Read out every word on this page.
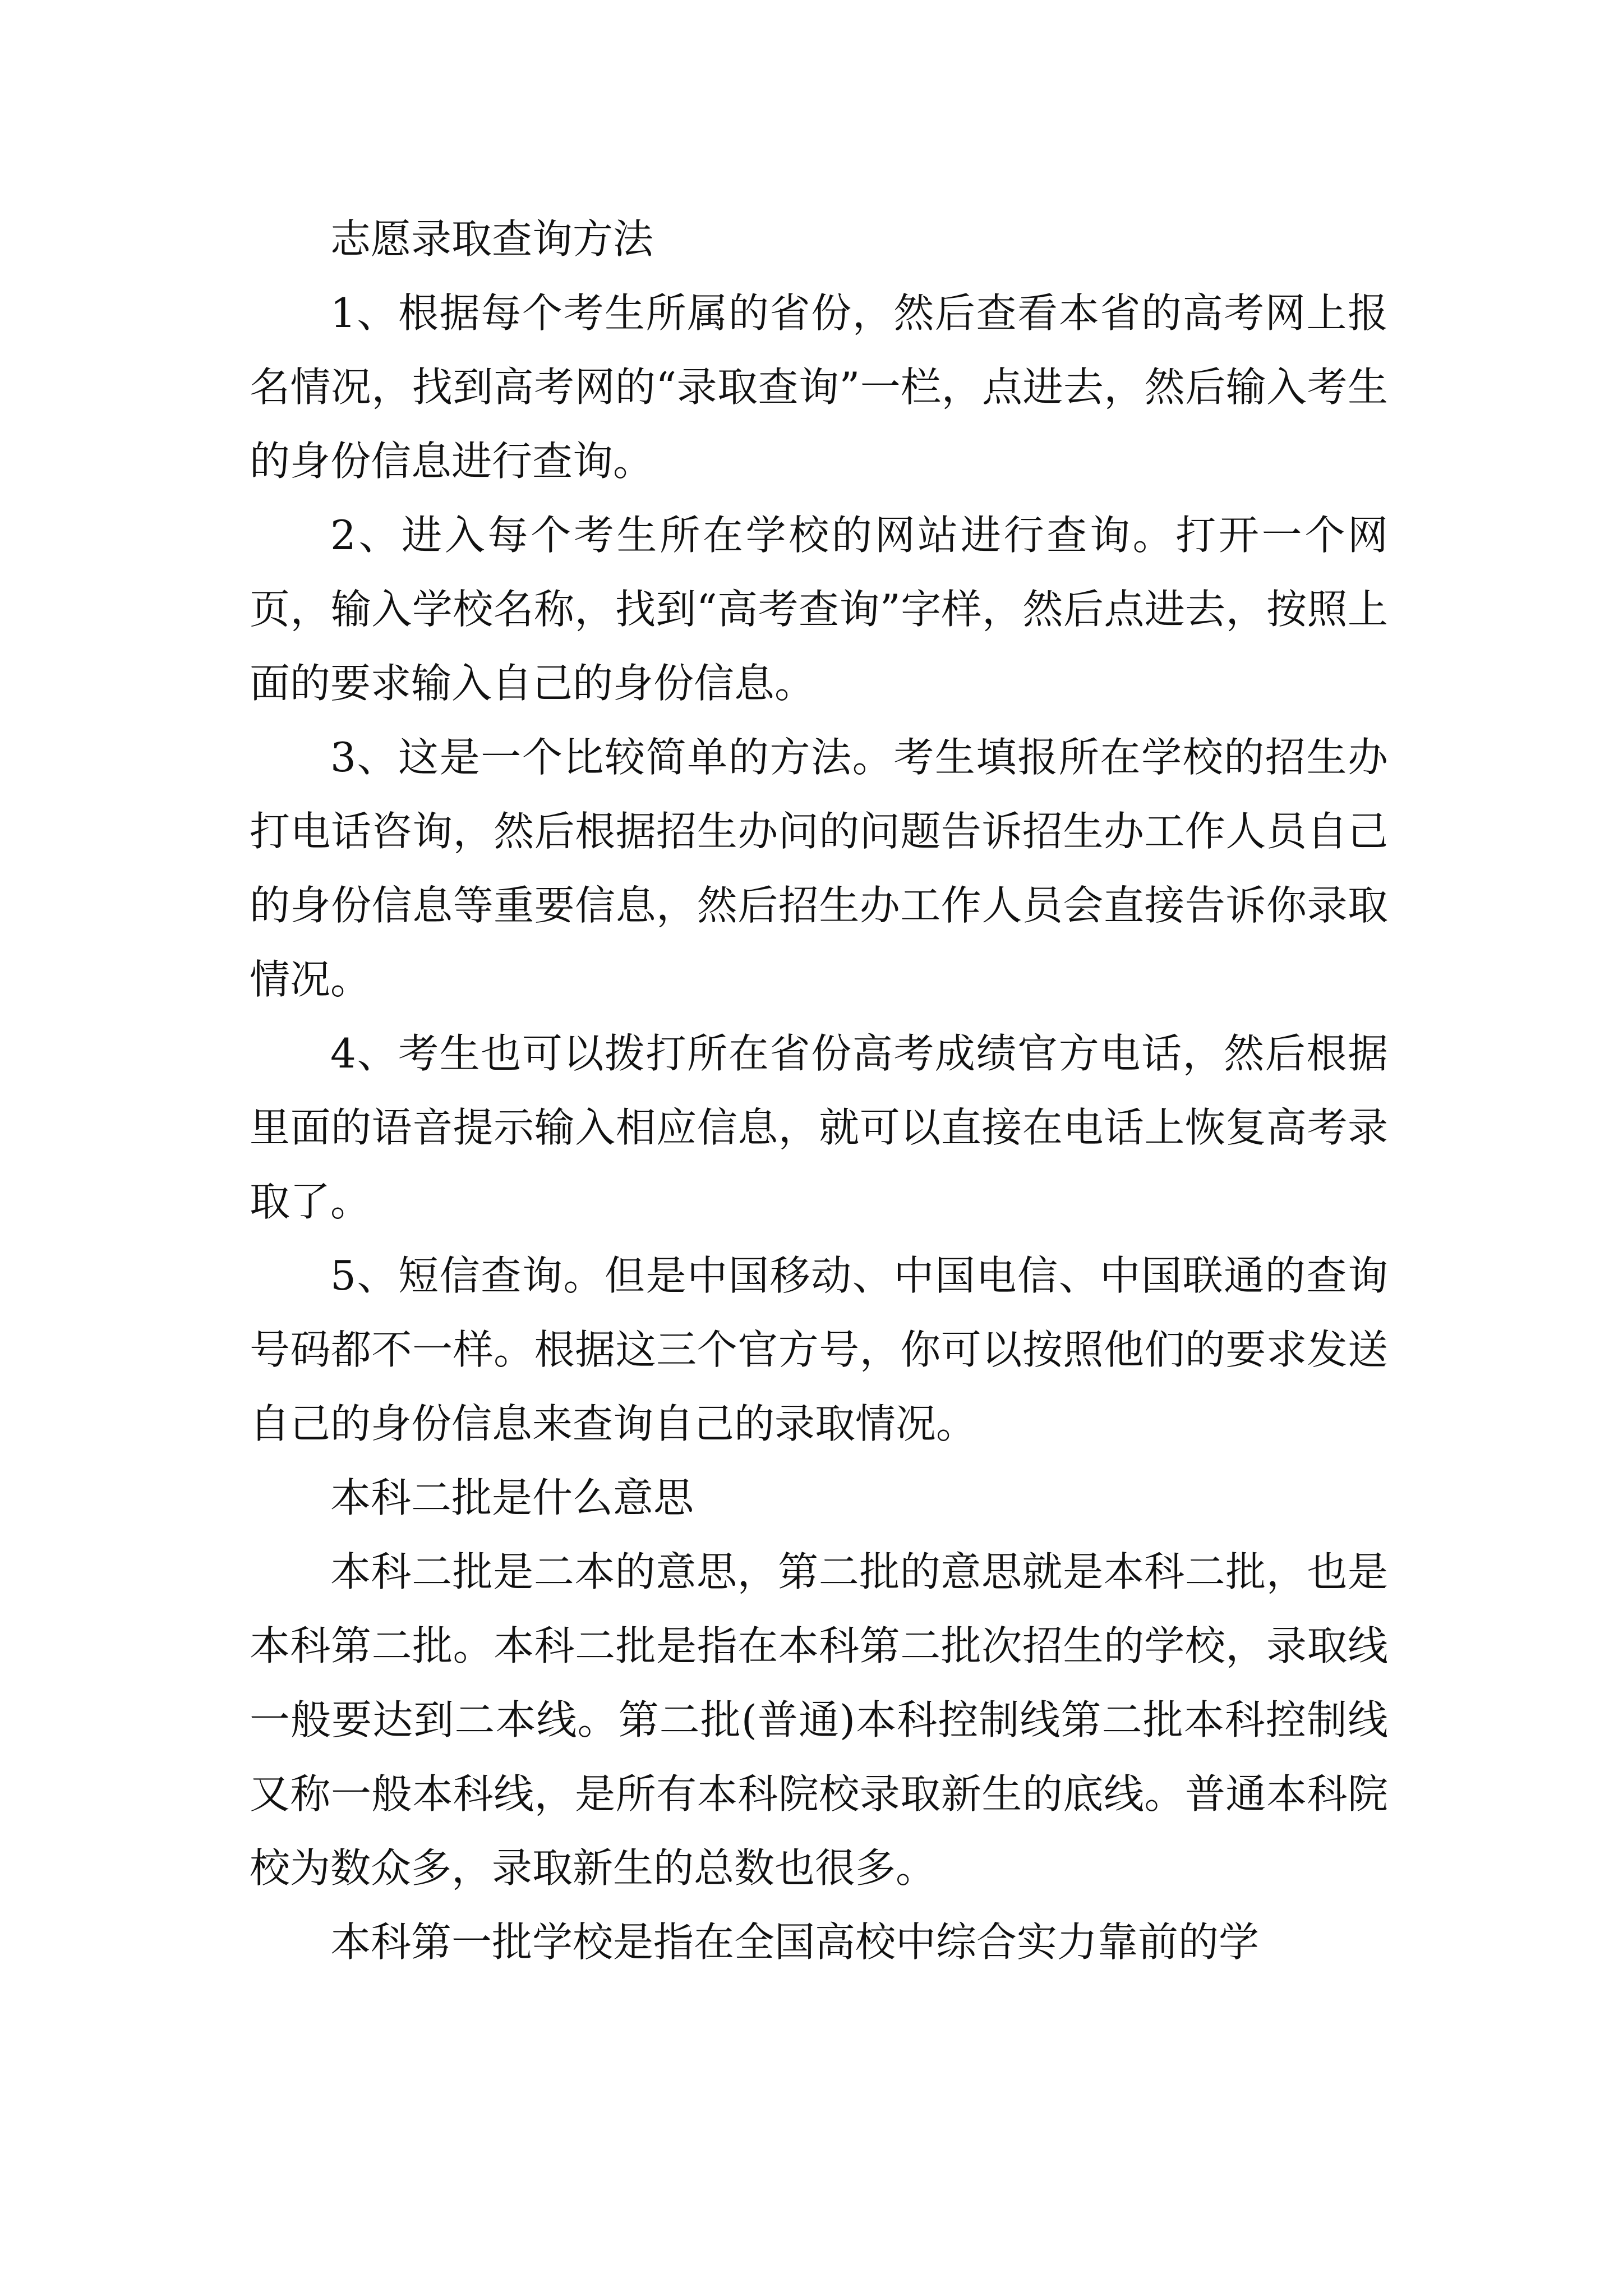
志愿录取查询方法

1、根据每个考生所属的省份，然后查看本省的高考网上报名情况，找到高考网的“录取查询”一栏，点进去，然后输入考生的身份信息进行查询。

2、进入每个考生所在学校的网站进行查询。打开一个网页，输入学校名称，找到“高考查询”字样，然后点进去，按照上面的要求输入自己的身份信息。

3、这是一个比较简单的方法。考生填报所在学校的招生办打电话咨询，然后根据招生办问的问题告诉招生办工作人员自己的身份信息等重要信息，然后招生办工作人员会直接告诉你录取情况。

4、考生也可以拨打所在省份高考成绩官方电话，然后根据里面的语音提示输入相应信息，就可以直接在电话上恢复高考录取了。

5、短信查询。但是中国移动、中国电信、中国联通的查询号码都不一样。根据这三个官方号，你可以按照他们的要求发送自己的身份信息来查询自己的录取情况。

本科二批是什么意思

本科二批是二本的意思，第二批的意思就是本科二批，也是本科第二批。本科二批是指在本科第二批次招生的学校，录取线一般要达到二本线。第二批(普通)本科控制线第二批本科控制线又称一般本科线，是所有本科院校录取新生的底线。普通本科院校为数众多，录取新生的总数也很多。

本科第一批学校是指在全国高校中综合实力靠前的学
